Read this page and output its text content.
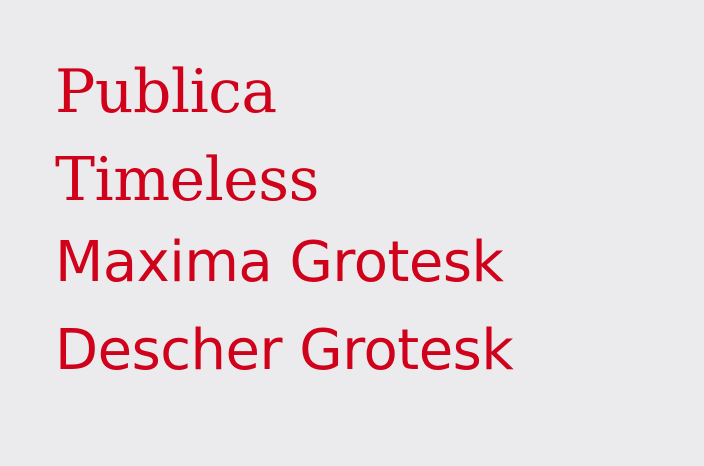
Publica

Timeless

Maxima Grotesk

Descher Grotesk
